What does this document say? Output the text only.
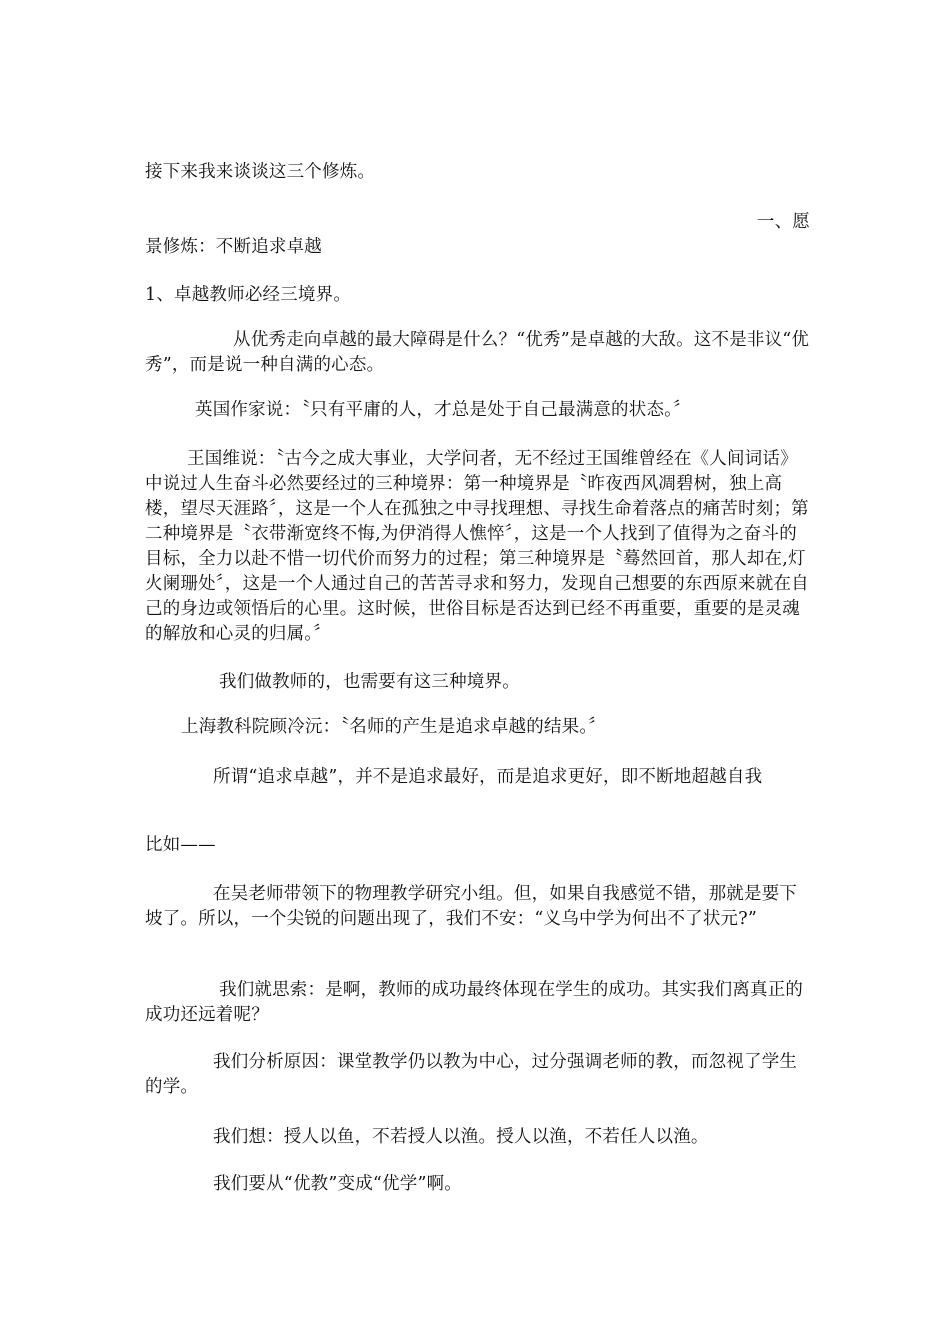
接下来我来谈谈这三个修炼。

一、愿

景修炼：不断追求卓越

1、卓越教师必经三境界。

从优秀走向卓越的最大障碍是什么？“优秀”是卓越的大敌。这不是非议“优秀”，而是说一种自满的心态。

英国作家说：〝只有平庸的人，才总是处于自己最满意的状态。〞

王国维说：〝古今之成大事业，大学问者，无不经过王国维曾经在《人间词话》中说过人生奋斗必然要经过的三种境界：第一种境界是〝昨夜西风凋碧树，独上高楼，望尽天涯路〞，这是一个人在孤独之中寻找理想、寻找生命着落点的痛苦时刻；第二种境界是〝衣带渐宽终不悔,为伊消得人憔悴〞，这是一个人找到了值得为之奋斗的目标，全力以赴不惜一切代价而努力的过程；第三种境界是〝蓦然回首，那人却在,灯火阑珊处〞，这是一个人通过自己的苦苦寻求和努力，发现自己想要的东西原来就在自己的身边或领悟后的心里。这时候，世俗目标是否达到已经不再重要，重要的是灵魂的解放和心灵的归属。〞

我们做教师的，也需要有这三种境界。

上海教科院顾冷沅：〝名师的产生是追求卓越的结果。〞

所谓“追求卓越”，并不是追求最好，而是追求更好，即不断地超越自我

比如——

在吴老师带领下的物理教学研究小组。但，如果自我感觉不错，那就是要下坡了。所以，一个尖锐的问题出现了，我们不安：“义乌中学为何出不了状元?”

我们就思索：是啊，教师的成功最终体现在学生的成功。其实我们离真正的成功还远着呢？

我们分析原因：课堂教学仍以教为中心，过分强调老师的教，而忽视了学生的学。

我们想：授人以鱼，不若授人以渔。授人以渔，不若任人以渔。

我们要从“优教”变成“优学”啊。
